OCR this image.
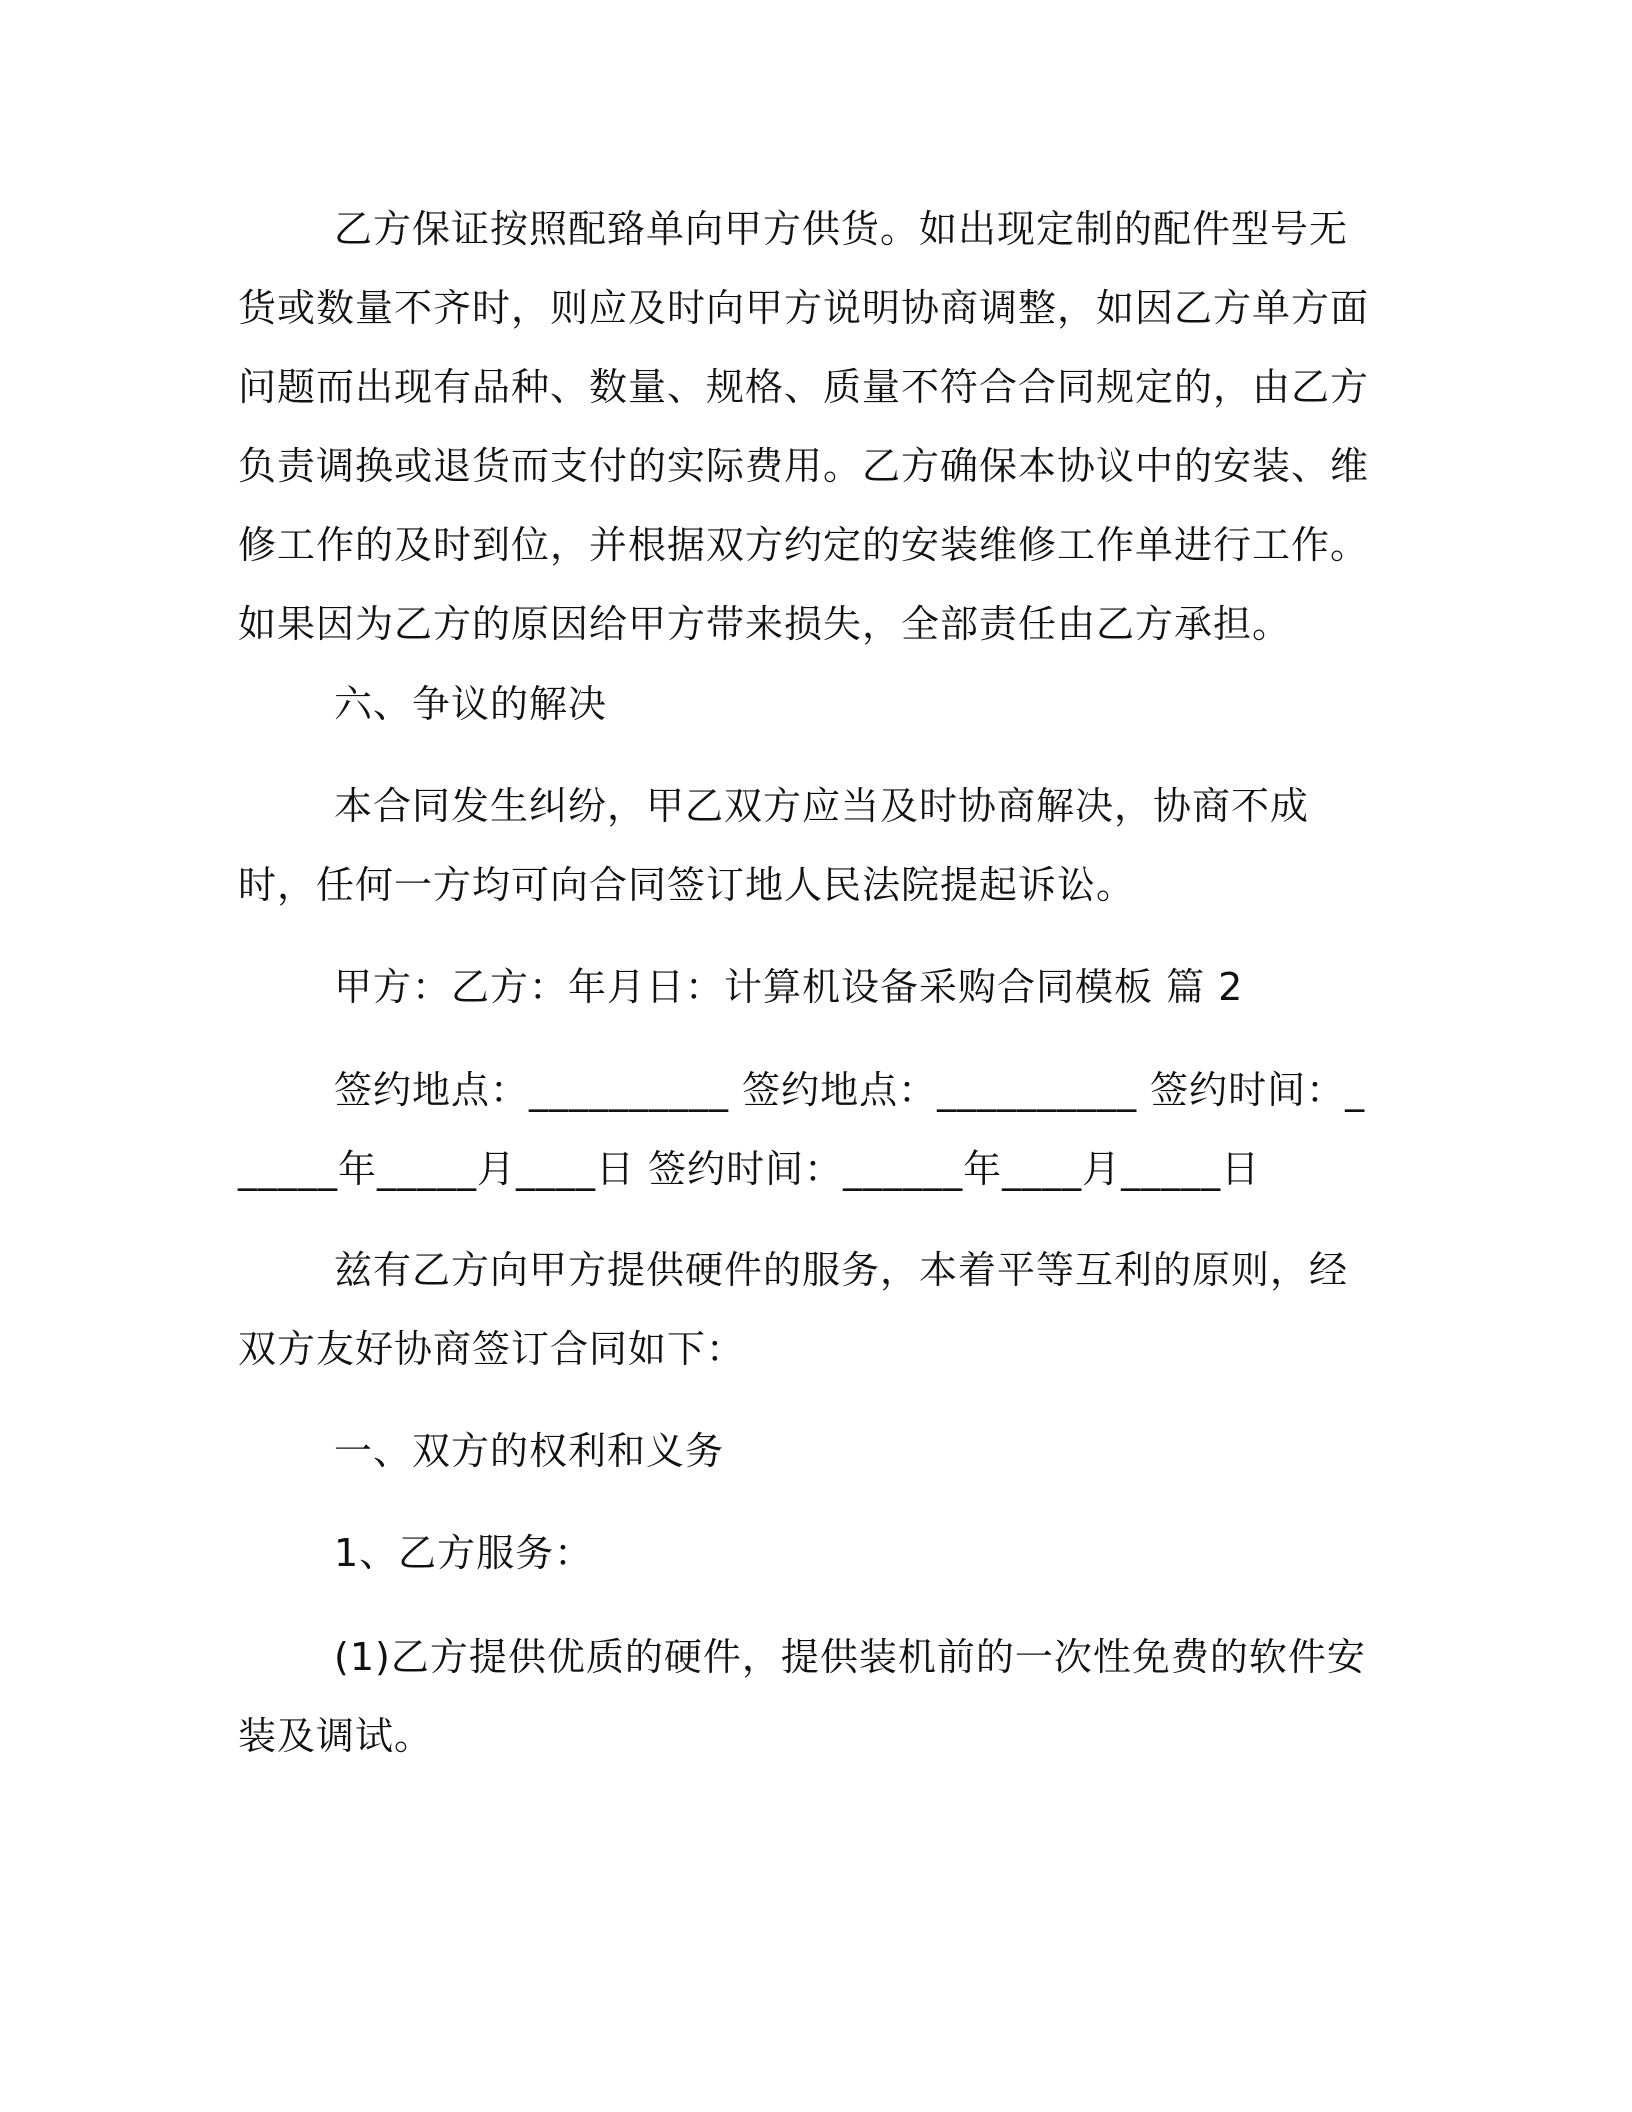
乙方保证按照配臵单向甲方供货。如出现定制的配件型号无货或数量不齐时，则应及时向甲方说明协商调整，如因乙方单方面问题而出现有品种、数量、规格、质量不符合合同规定的，由乙方负责调换或退货而支付的实际费用。乙方确保本协议中的安装、维修工作的及时到位，并根据双方约定的安装维修工作单进行工作。如果因为乙方的原因给甲方带来损失，全部责任由乙方承担。

六、争议的解决

本合同发生纠纷，甲乙双方应当及时协商解决，协商不成时，任何一方均可向合同签订地人民法院提起诉讼。

甲方：乙方：年月日：计算机设备采购合同模板 篇 2

签约地点：__________ 签约地点：__________ 签约时间：______年_____月____日 签约时间：______年____月_____日

兹有乙方向甲方提供硬件的服务，本着平等互利的原则，经双方友好协商签订合同如下：

一、双方的权利和义务

1、乙方服务：

(1)乙方提供优质的硬件，提供装机前的一次性免费的软件安装及调试。
